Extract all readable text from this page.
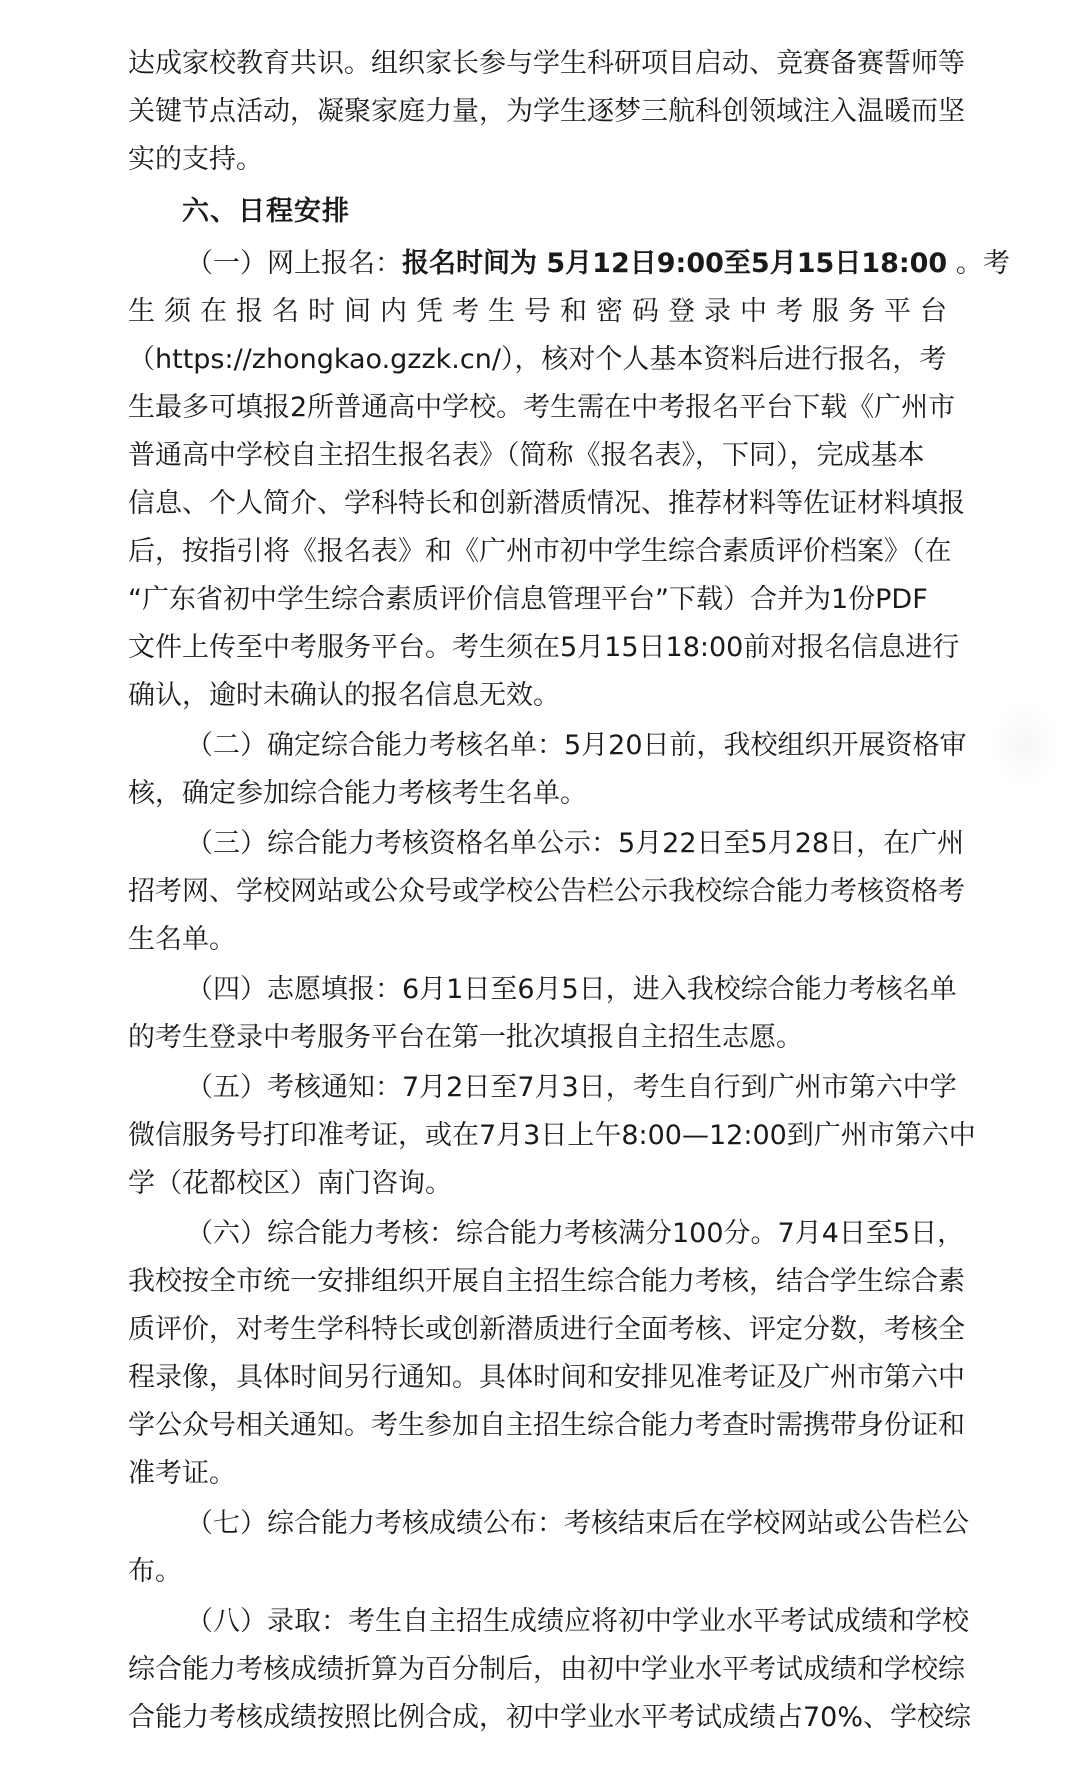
达成家校教育共识。组织家长参与学生科研项目启动、竞赛备赛誓师等
关键节点活动，凝聚家庭力量，为学生逐梦三航科创领域注入温暖而坚
实的支持。
六、日程安排
（一）网上报名：报名时间为 5月12日9:00至5月15日18:00 。考
生须在报名时间内凭考生号和密码登录中考服务平台
（https://zhongkao.gzzk.cn/），核对个人基本资料后进行报名，考
生最多可填报2所普通高中学校。考生需在中考报名平台下载《广州市
普通高中学校自主招生报名表》（简称《报名表》，下同），完成基本
信息、个人简介、学科特长和创新潜质情况、推荐材料等佐证材料填报
后，按指引将《报名表》和《广州市初中学生综合素质评价档案》（在
“广东省初中学生综合素质评价信息管理平台”下载）合并为1份PDF
文件上传至中考服务平台。考生须在5月15日18:00前对报名信息进行
确认，逾时未确认的报名信息无效。
（二）确定综合能力考核名单：5月20日前，我校组织开展资格审
核，确定参加综合能力考核考生名单。
（三）综合能力考核资格名单公示：5月22日至5月28日，在广州
招考网、学校网站或公众号或学校公告栏公示我校综合能力考核资格考
生名单。
（四）志愿填报：6月1日至6月5日，进入我校综合能力考核名单
的考生登录中考服务平台在第一批次填报自主招生志愿。
（五）考核通知：7月2日至7月3日，考生自行到广州市第六中学
微信服务号打印准考证，或在7月3日上午8:00—12:00到广州市第六中
学（花都校区）南门咨询。
（六）综合能力考核：综合能力考核满分100分。7月4日至5日，
我校按全市统一安排组织开展自主招生综合能力考核，结合学生综合素
质评价，对考生学科特长或创新潜质进行全面考核、评定分数，考核全
程录像，具体时间另行通知。具体时间和安排见准考证及广州市第六中
学公众号相关通知。考生参加自主招生综合能力考查时需携带身份证和
准考证。
（七）综合能力考核成绩公布：考核结束后在学校网站或公告栏公
布。
（八）录取：考生自主招生成绩应将初中学业水平考试成绩和学校
综合能力考核成绩折算为百分制后，由初中学业水平考试成绩和学校综
合能力考核成绩按照比例合成，初中学业水平考试成绩占70%、学校综
